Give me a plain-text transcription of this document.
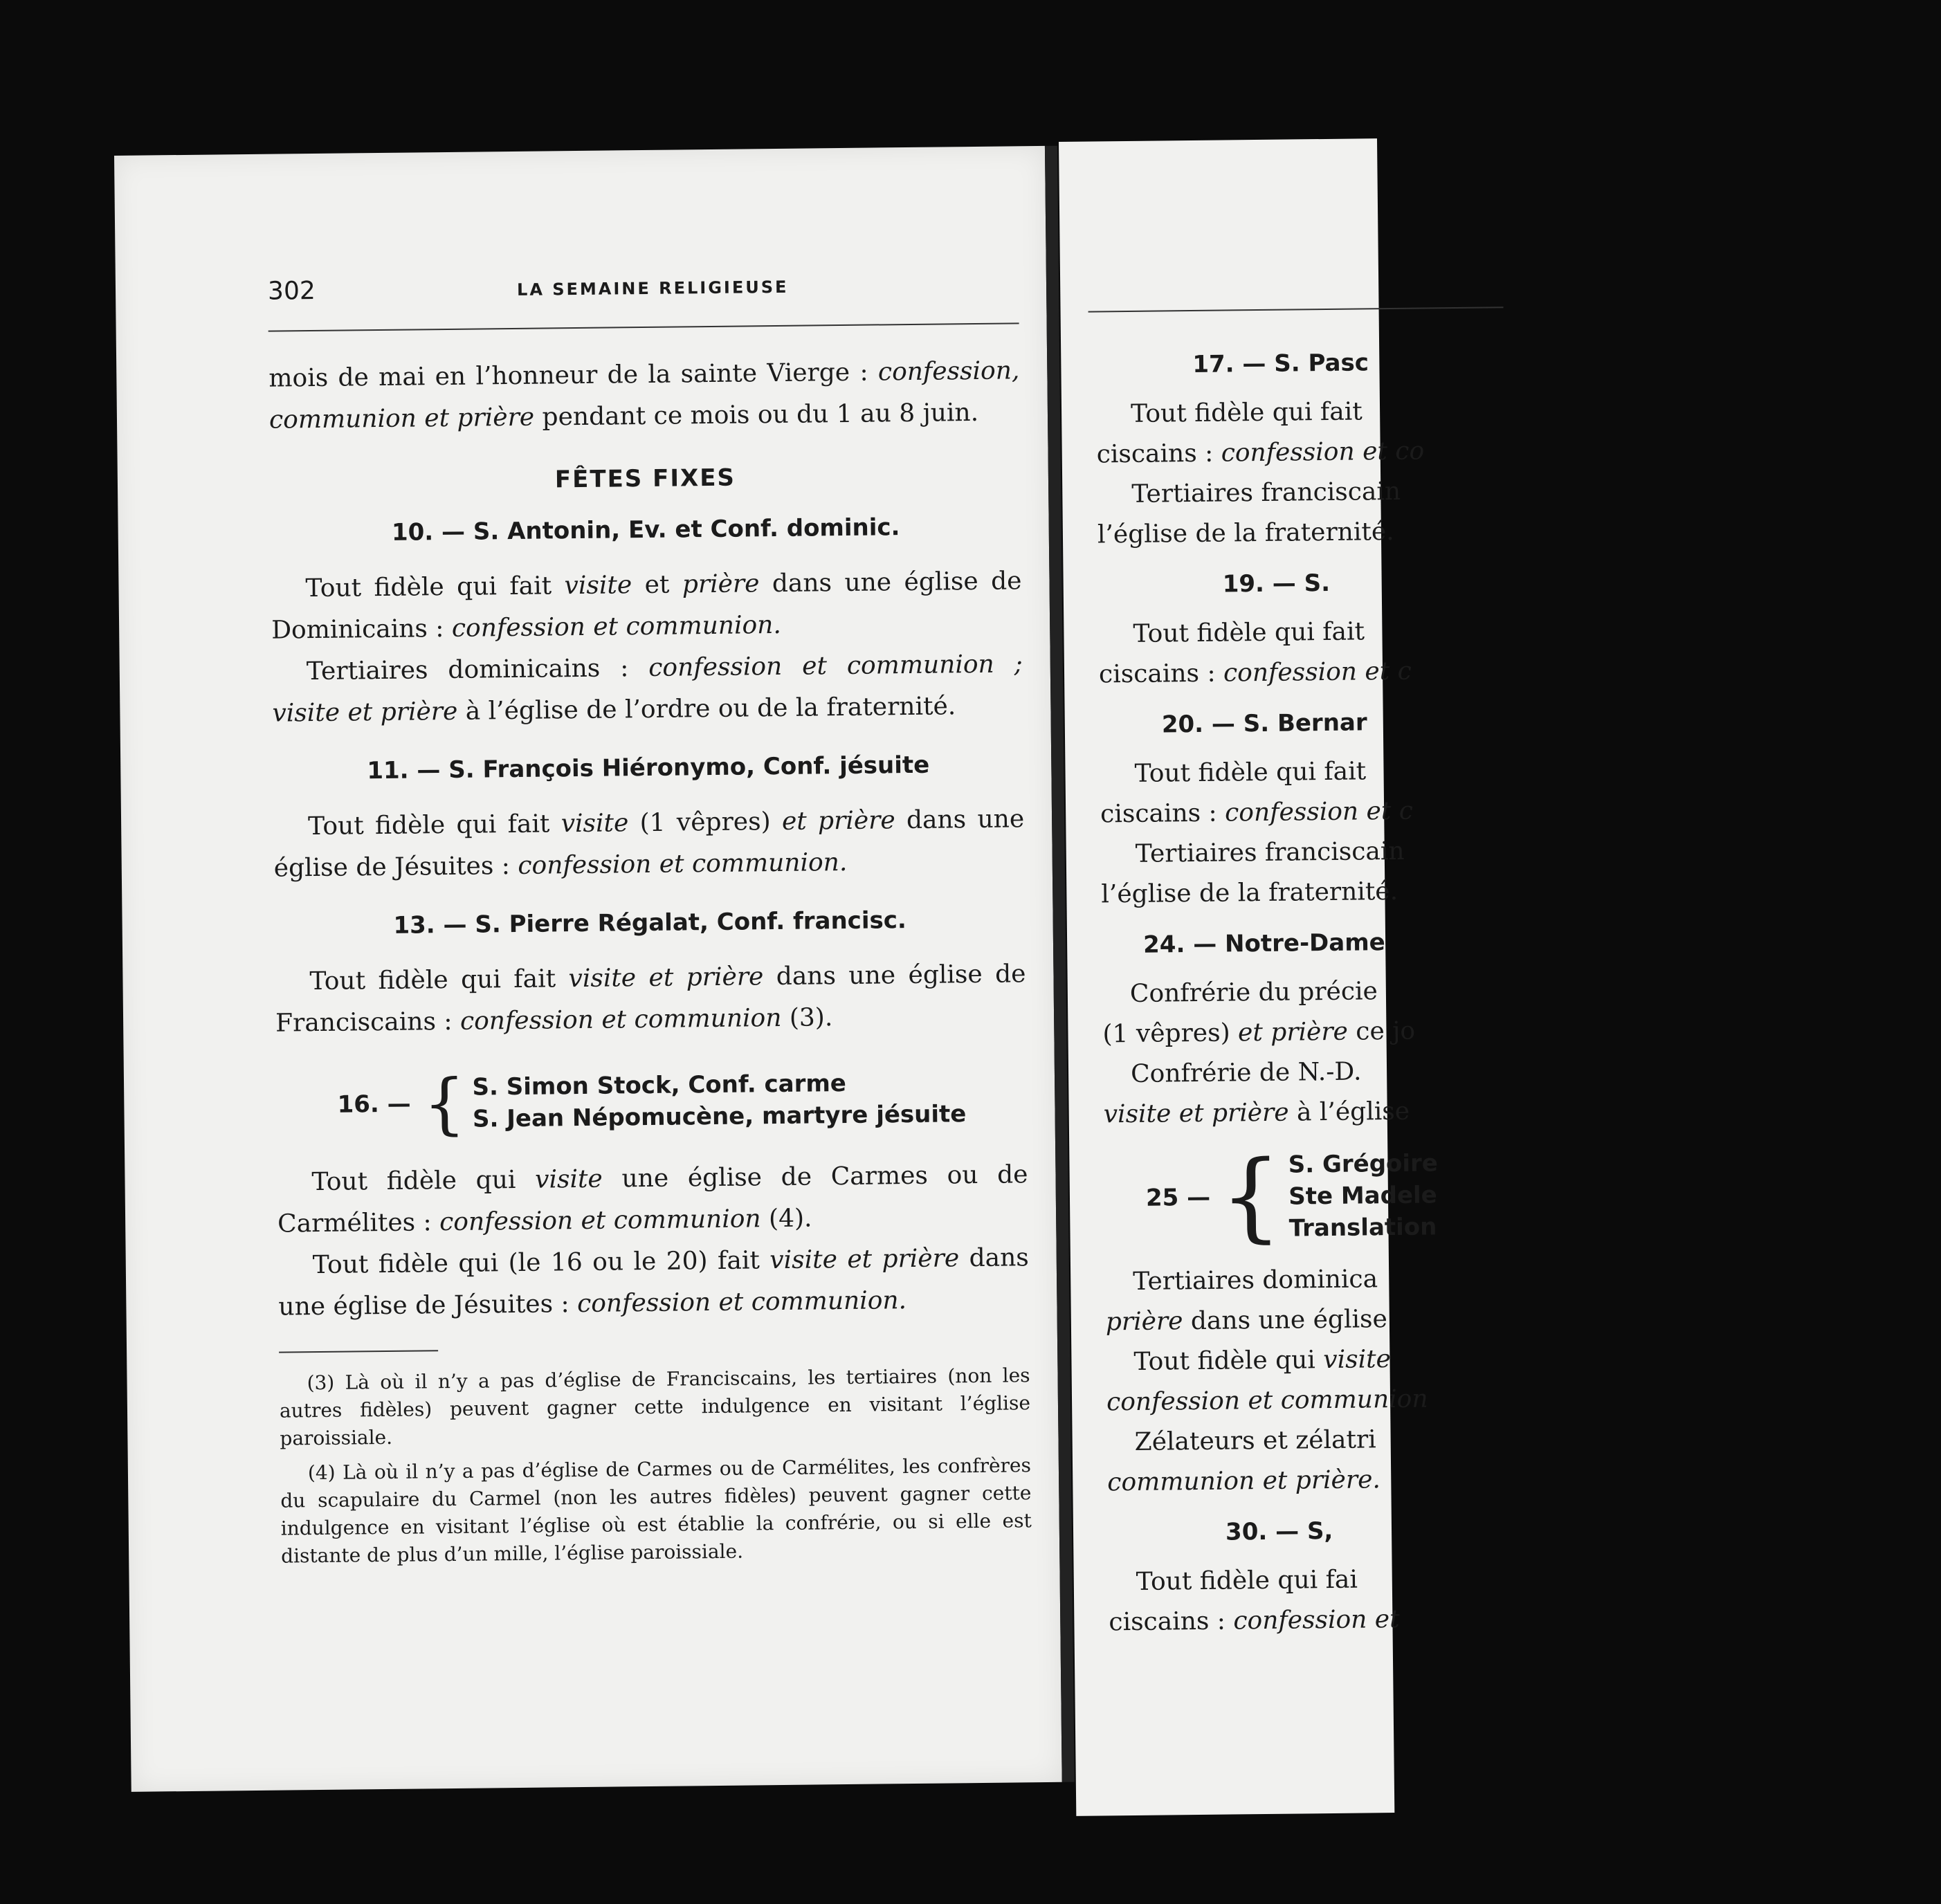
302	LA SEMAINE RELIGIEUSE

mois de mai en l’honneur de la sainte Vierge : confession, communion et prière pendant ce mois ou du 1 au 8 juin.

FÊTES FIXES
10. — S. Antonin, Ev. et Conf. dominic.

Tout fidèle qui fait visite et prière dans une église de Dominicains : confession et communion.

Tertiaires dominicains : confession et communion ; visite et prière à l’église de l’ordre ou de la fraternité.

11. — S. François Hiéronymo, Conf. jésuite

Tout fidèle qui fait visite (1 vêpres) et prière dans une église de Jésuites : confession et communion.

13. — S. Pierre Régalat, Conf. francisc.

Tout fidèle qui fait visite et prière dans une église de Franciscains : confession et communion (3).

16. — { S. Simon Stock, Conf. carme
S. Jean Népomucène, martyre jésuite

Tout fidèle qui visite une église de Carmes ou de Carmélites : confession et communion (4).

Tout fidèle qui (le 16 ou le 20) fait visite et prière dans une église de Jésuites : confession et communion.

(3) Là où il n’y a pas d’église de Franciscains, les tertiaires (non les autres fidèles) peuvent gagner cette indulgence en visitant l’église paroissiale.

(4) Là où il n’y a pas d’église de Carmes ou de Carmélites, les confrères du scapulaire du Carmel (non les autres fidèles) peuvent gagner cette indulgence en visitant l’église où est établie la confrérie, ou si elle est distante de plus d’un mille, l’église paroissiale.

17. — S. Pasc

Tout fidèle qui fait

ciscains : confession et co

Tertiaires franciscain

l’église de la fraternité.

19. — S.

Tout fidèle qui fait

ciscains : confession et c

20. — S. Bernar

Tout fidèle qui fait

ciscains : confession et c

Tertiaires franciscain

l’église de la fraternité.

24. — Notre-Dame

Confrérie du précie

(1 vêpres) et prière ce jo

Confrérie de N.-D.

visite et prière à l’église

25 — { S. Grégoire
Ste Madele
Translation

Tertiaires dominica

prière dans une église

Tout fidèle qui visite

confession et communion

Zélateurs et zélatri

communion et prière.

30. — S,

Tout fidèle qui fai

ciscains : confession et
